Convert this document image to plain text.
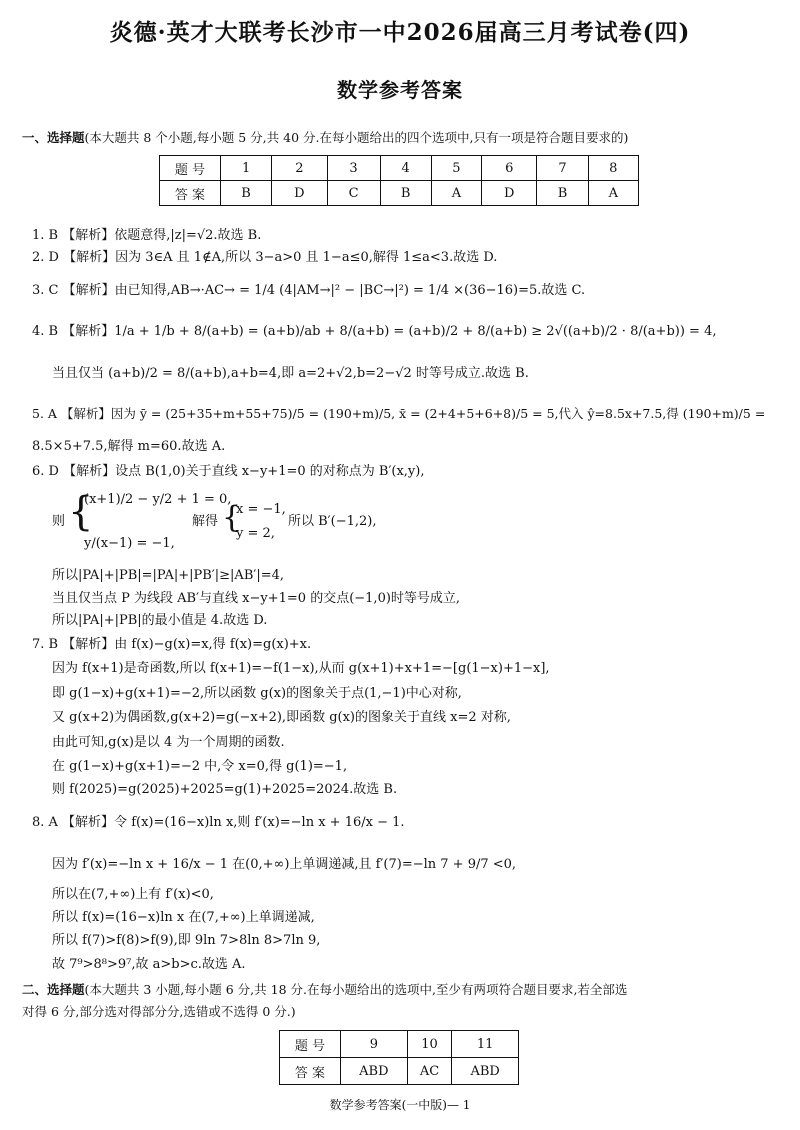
炎德·英才大联考长沙市一中2026届高三月考试卷(四)
数学参考答案
一、选择题(本大题共 8 个小题,每小题 5 分,共 40 分.在每小题给出的四个选项中,只有一项是符合题目要求的)
题 号	1	2	3	4	5	6	7	8
答 案	B	D	C	B	A	D	B	A
1. B 【解析】依题意得,|z|=√2.故选 B.
2. D 【解析】因为 3∈A 且 1∉A,所以 3−a>0 且 1−a≤0,解得 1≤a<3.故选 D.
3. C 【解析】由已知得,AB→·AC→ = 1/4 (4|AM→|² − |BC→|²) = 1/4 ×(36−16)=5.故选 C.
4. B 【解析】1/a + 1/b + 8/(a+b) = (a+b)/ab + 8/(a+b) = (a+b)/2 + 8/(a+b) ≥ 2√((a+b)/2 · 8/(a+b)) = 4,
当且仅当 (a+b)/2 = 8/(a+b),a+b=4,即 a=2+√2,b=2−√2 时等号成立.故选 B.
5. A 【解析】因为 ȳ = (25+35+m+55+75)/5 = (190+m)/5, x̄ = (2+4+5+6+8)/5 = 5,代入 ŷ=8.5x+7.5,得 (190+m)/5 =
8.5×5+7.5,解得 m=60.故选 A.
6. D 【解析】设点 B(1,0)关于直线 x−y+1=0 的对称点为 B′(x,y),
则 {
(x+1)/2 − y/2 + 1 = 0,
y/(x−1) = −1,
解得 {
x = −1,
y = 2,
所以 B′(−1,2),
所以|PA|+|PB|=|PA|+|PB′|≥|AB′|=4,
当且仅当点 P 为线段 AB′与直线 x−y+1=0 的交点(−1,0)时等号成立,
所以|PA|+|PB|的最小值是 4.故选 D.
7. B 【解析】由 f(x)−g(x)=x,得 f(x)=g(x)+x.
因为 f(x+1)是奇函数,所以 f(x+1)=−f(1−x),从而 g(x+1)+x+1=−[g(1−x)+1−x],
即 g(1−x)+g(x+1)=−2,所以函数 g(x)的图象关于点(1,−1)中心对称,
又 g(x+2)为偶函数,g(x+2)=g(−x+2),即函数 g(x)的图象关于直线 x=2 对称,
由此可知,g(x)是以 4 为一个周期的函数.
在 g(1−x)+g(x+1)=−2 中,令 x=0,得 g(1)=−1,
则 f(2025)=g(2025)+2025=g(1)+2025=2024.故选 B.
8. A 【解析】令 f(x)=(16−x)ln x,则 f′(x)=−ln x + 16/x − 1.
因为 f′(x)=−ln x + 16/x − 1 在(0,+∞)上单调递减,且 f′(7)=−ln 7 + 9/7 <0,
所以在(7,+∞)上有 f′(x)<0,
所以 f(x)=(16−x)ln x 在(7,+∞)上单调递减,
所以 f(7)>f(8)>f(9),即 9ln 7>8ln 8>7ln 9,
故 7⁹>8⁸>9⁷,故 a>b>c.故选 A.
二、选择题(本大题共 3 小题,每小题 6 分,共 18 分.在每小题给出的选项中,至少有两项符合题目要求,若全部选
对得 6 分,部分选对得部分分,选错或不选得 0 分.)
题 号	9	10	11
答 案	ABD	AC	ABD
数学参考答案(一中版)— 1
